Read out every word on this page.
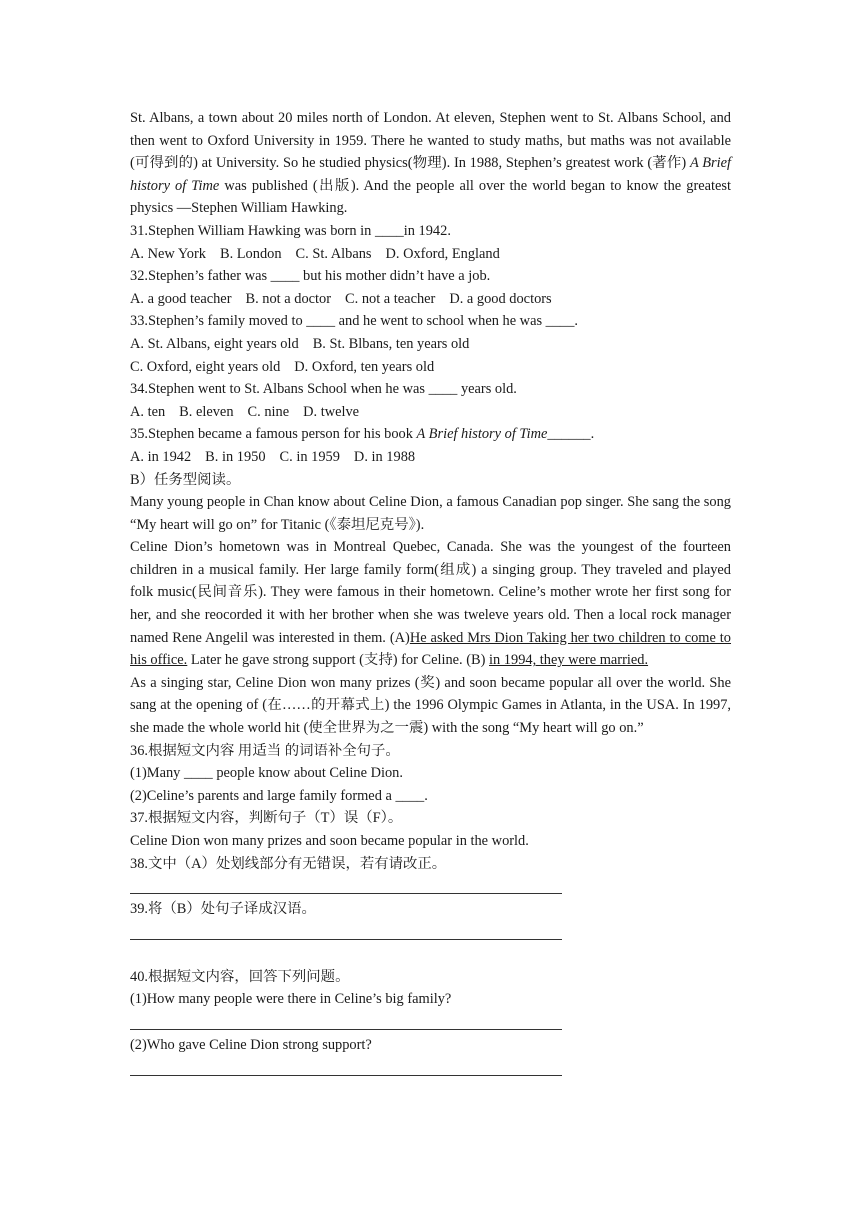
St. Albans, a town about 20 miles north of London. At eleven, Stephen went to St. Albans School, and then went to Oxford University in 1959. There he wanted to study maths, but maths was not available (可得到的) at University. So he studied physics(物理). In 1988, Stephen’s greatest work (著作) A Brief history of Time was published (出版). And the people all over the world began to know the greatest physics —Stephen William Hawking.

31.Stephen William Hawking was born in ____in 1942.

A. New York B. London C. St. Albans D. Oxford, England

32.Stephen’s father was ____ but his mother didn’t have a job.

A. a good teacher B. not a doctor C. not a teacher D. a good doctors

33.Stephen’s family moved to ____ and he went to school when he was ____.

A. St. Albans, eight years old B. St. Blbans, ten years old

C. Oxford, eight years old D. Oxford, ten years old

34.Stephen went to St. Albans School when he was ____ years old.

A. ten B. eleven C. nine D. twelve

35.Stephen became a famous person for his book A Brief history of Time______.

A. in 1942 B. in 1950 C. in 1959 D. in 1988

B）任务型阅读。

Many young people in Chan know about Celine Dion, a famous Canadian pop singer. She sang the song “My heart will go on” for Titanic (《泰坦尼克号》).

Celine Dion’s hometown was in Montreal Quebec, Canada. She was the youngest of the fourteen children in a musical family. Her large family form(组成) a singing group. They traveled and played folk music(民间音乐). They were famous in their hometown. Celine’s mother wrote her first song for her, and she reocorded it with her brother when she was tweleve years old. Then a local rock manager named Rene Angelil was interested in them. (A)He asked Mrs Dion Taking her two children to come to his office. Later he gave strong support (支持) for Celine. (B) in 1994, they were married.

As a singing star, Celine Dion won many prizes (奖) and soon became popular all over the world. She sang at the opening of (在……的开幕式上) the 1996 Olympic Games in Atlanta, in the USA. In 1997, she made the whole world hit (使全世界为之一震) with the song “My heart will go on.”

36.根据短文内容 用适当 的词语补全句子。

(1)Many ____ people know about Celine Dion.

(2)Celine’s parents and large family formed a ____.

37.根据短文内容，判断句子（T）误（F）。

Celine Dion won many prizes and soon became popular in the world.

38.文中（A）处划线部分有无错误，若有请改正。

39.将（B）处句子译成汉语。

40.根据短文内容，回答下列问题。

(1)How many people were there in Celine’s big family?

(2)Who gave Celine Dion strong support?
